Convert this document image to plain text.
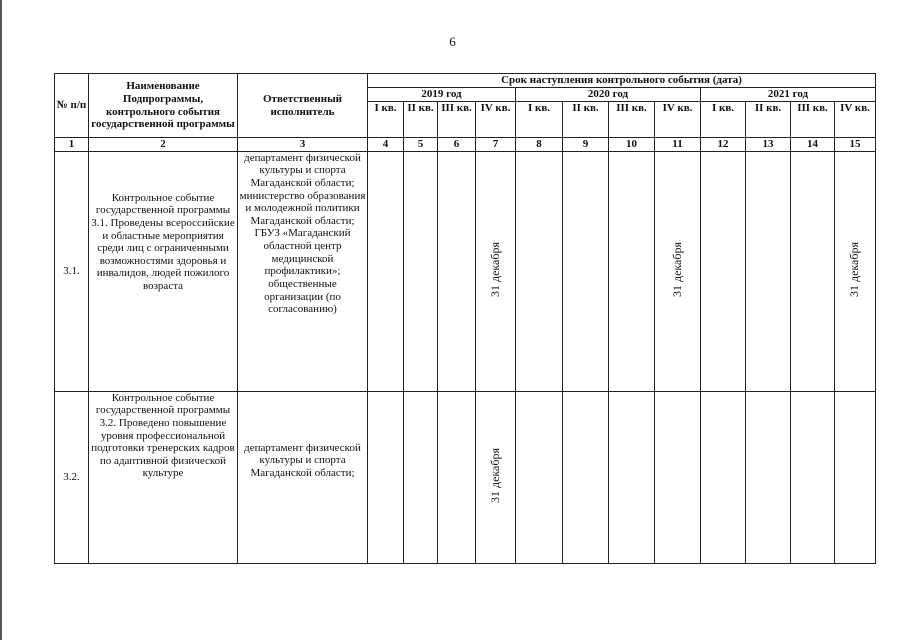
6
№ п/п	Наименование Подпрограммы, контрольного события государственной программы	Ответственный исполнитель	Срок наступления контрольного события (дата)											
			2019 год				2020 год				2021 год			
			I кв.	II кв.	III кв.	IV кв.	I кв.	II кв.	III кв.	IV кв.	I кв.	II кв.	III кв.	IV кв.
1	2	3	4	5	6	7	8	9	10	11	12	13	14	15
3.1.	Контрольное событие государственной программы 3.1. Проведены всероссийские и областные мероприятия среди лиц с ограниченными возможностями здоровья и инвалидов, людей пожилого возраста	департамент физической культуры и спорта Магаданской области; министерство образования и молодежной политики Магаданской области; ГБУЗ «Магаданский областной центр медицинской профилактики»; общественные организации (по согласованию)				31 декабря				31 декабря				31 декабря
3.2.	Контрольное событие государственной программы 3.2. Проведено повышение уровня профессиональной подготовки тренерских кадров по адаптивной физической культуре	департамент физической культуры и спорта Магаданской области;				31 декабря								
